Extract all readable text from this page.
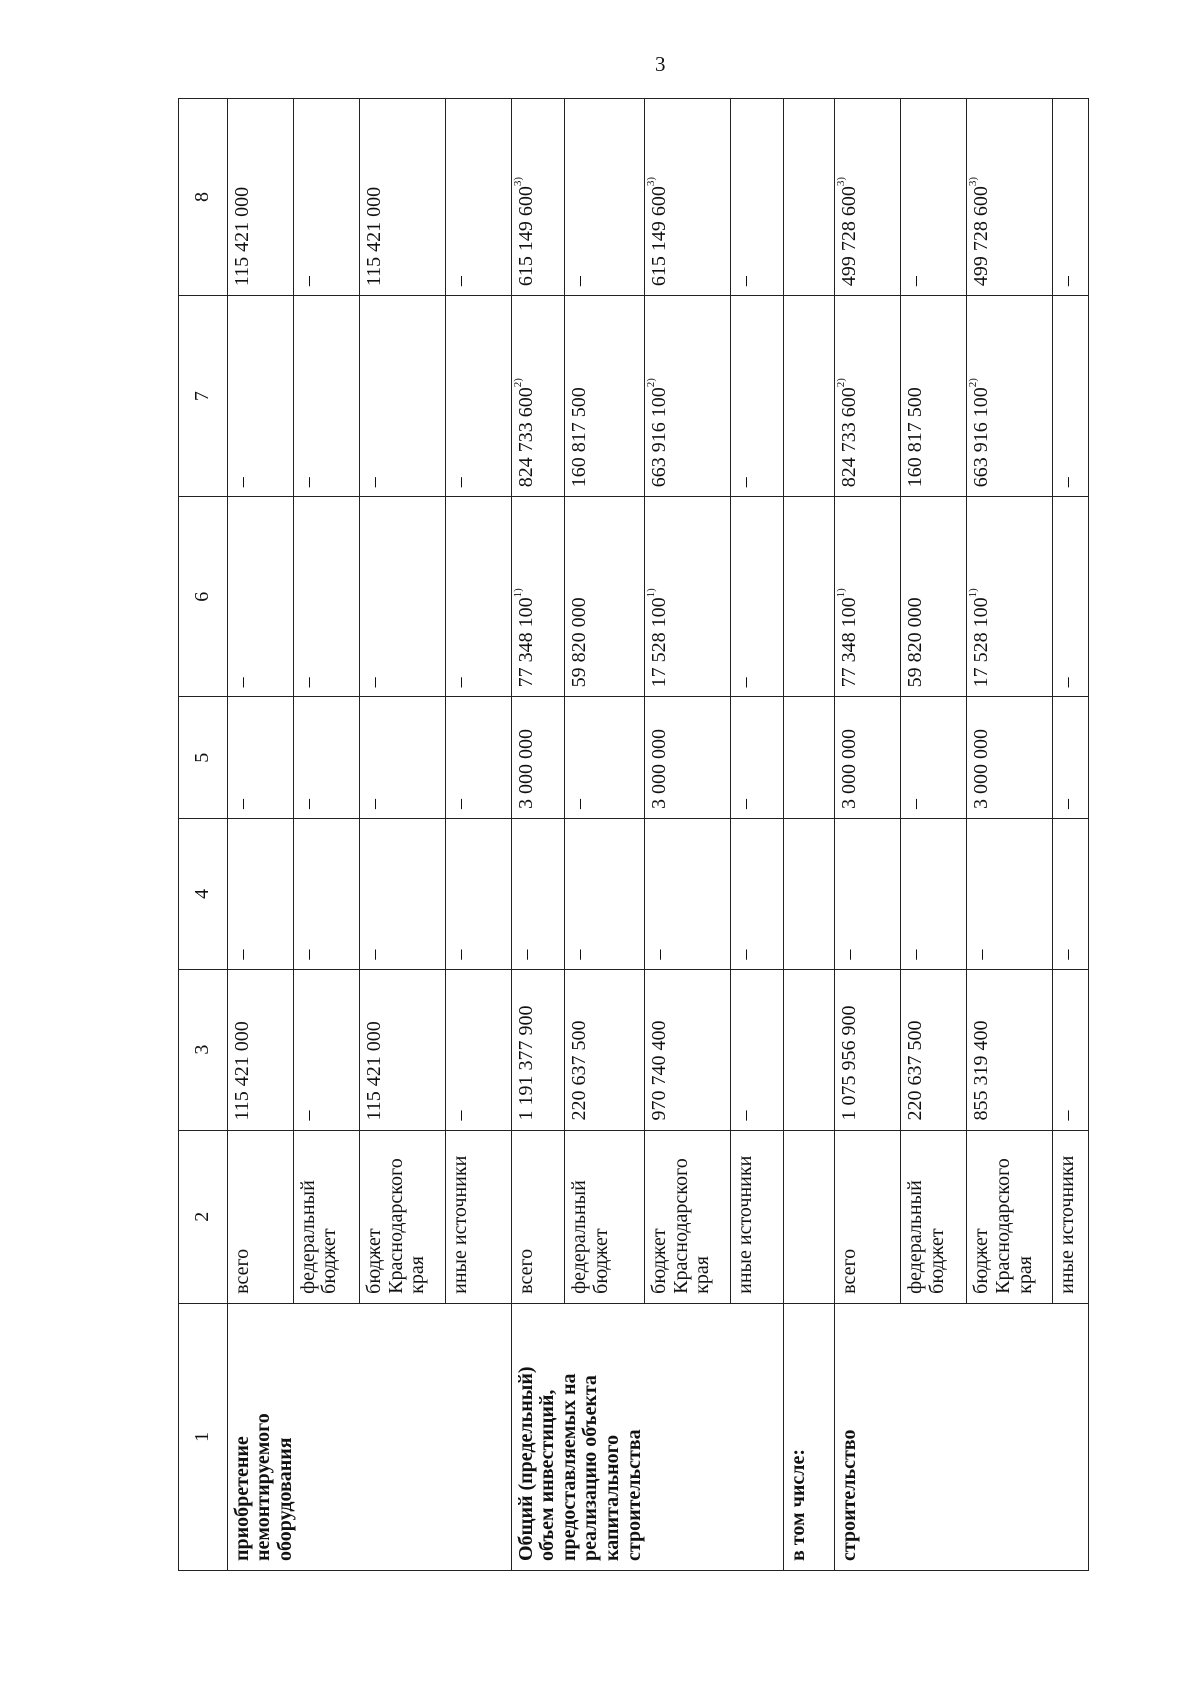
3
1	2	3	4	5	6	7	8
приобретение немонтируемого оборудования	всего	115 421 000	–	–	–	–	115 421 000
	федеральный бюджет	–	–	–	–	–	–
	бюджет Краснодарского края	115 421 000	–	–	–	–	115 421 000
	иные источники	–	–	–	–	–	–
Общий (предельный) объем инвестиций, предоставляемых на реализацию объекта капитального строительства	всего	1 191 377 900	–	3 000 000	77 348 100$^{1)}$	824 733 600$^{2)}$	615 149 600$^{3)}$
	федеральный бюджет	220 637 500	–	–	59 820 000	160 817 500	–
	бюджет Краснодарского края	970 740 400	–	3 000 000	17 528 100$^{1)}$	663 916 100$^{2)}$	615 149 600$^{3)}$
	иные источники	–	–	–	–	–	–
в том числе:							
строительство	всего	1 075 956 900	–	3 000 000	77 348 100$^{1)}$	824 733 600$^{2)}$	499 728 600$^{3)}$
	федеральный бюджет	220 637 500	–	–	59 820 000	160 817 500	–
	бюджет Краснодарского края	855 319 400	–	3 000 000	17 528 100$^{1)}$	663 916 100$^{2)}$	499 728 600$^{3)}$
	иные источники	–	–	–	–	–	–
